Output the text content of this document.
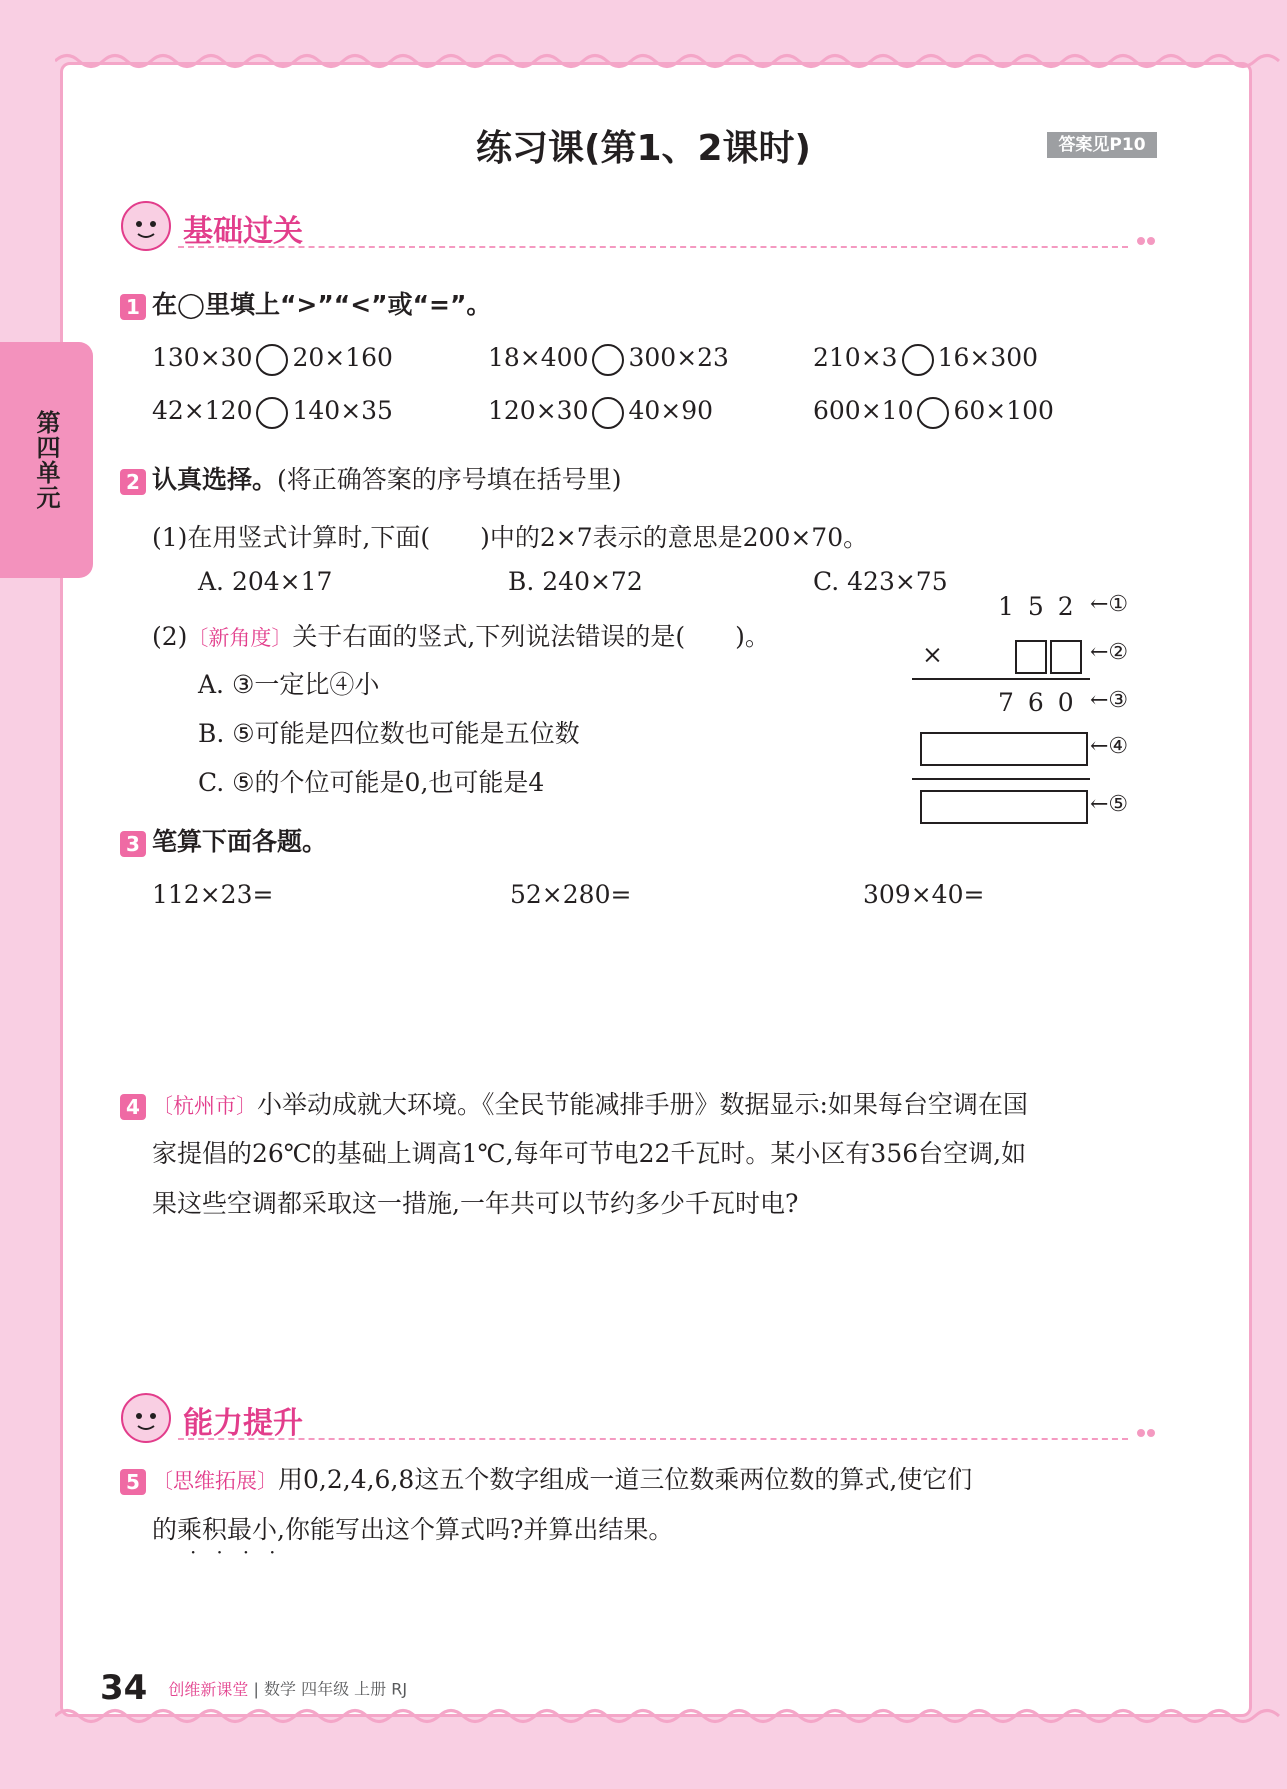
第四单元
练习课(第1、2课时)	答案见P10
基础过关
1 在◯里填上“>”“<”或“=”。
130×30 20×160	18×400 300×23	210×3 16×300
42×120 140×35	120×30 40×90	600×10 60×100
2 认真选择。(将正确答案的序号填在括号里)
(1)在用竖式计算时,下面(　　)中的2×7表示的意思是200×70。
A. 204×17	B. 240×72	C. 423×75
(2)〔新角度〕关于右面的竖式,下列说法错误的是(　　)。
A. ③一定比④小
B. ⑤可能是四位数也可能是五位数
C. ⑤的个位可能是0,也可能是4
152 ←①
×	←②
760 ←③
←④
←⑤
3 笔算下面各题。
112×23=	52×280=	309×40=
4 〔杭州市〕小举动成就大环境。《全民节能减排手册》数据显示:如果每台空调在国
家提倡的26℃的基础上调高1℃,每年可节电22千瓦时。某小区有356台空调,如
果这些空调都采取这一措施,一年共可以节约多少千瓦时电?
能力提升
5 〔思维拓展〕用0,2,4,6,8这五个数字组成一道三位数乘两位数的算式,使它们
的乘积最小,你能写出这个算式吗?并算出结果。
····
34 创维新课堂 | 数学 四年级 上册 RJ
